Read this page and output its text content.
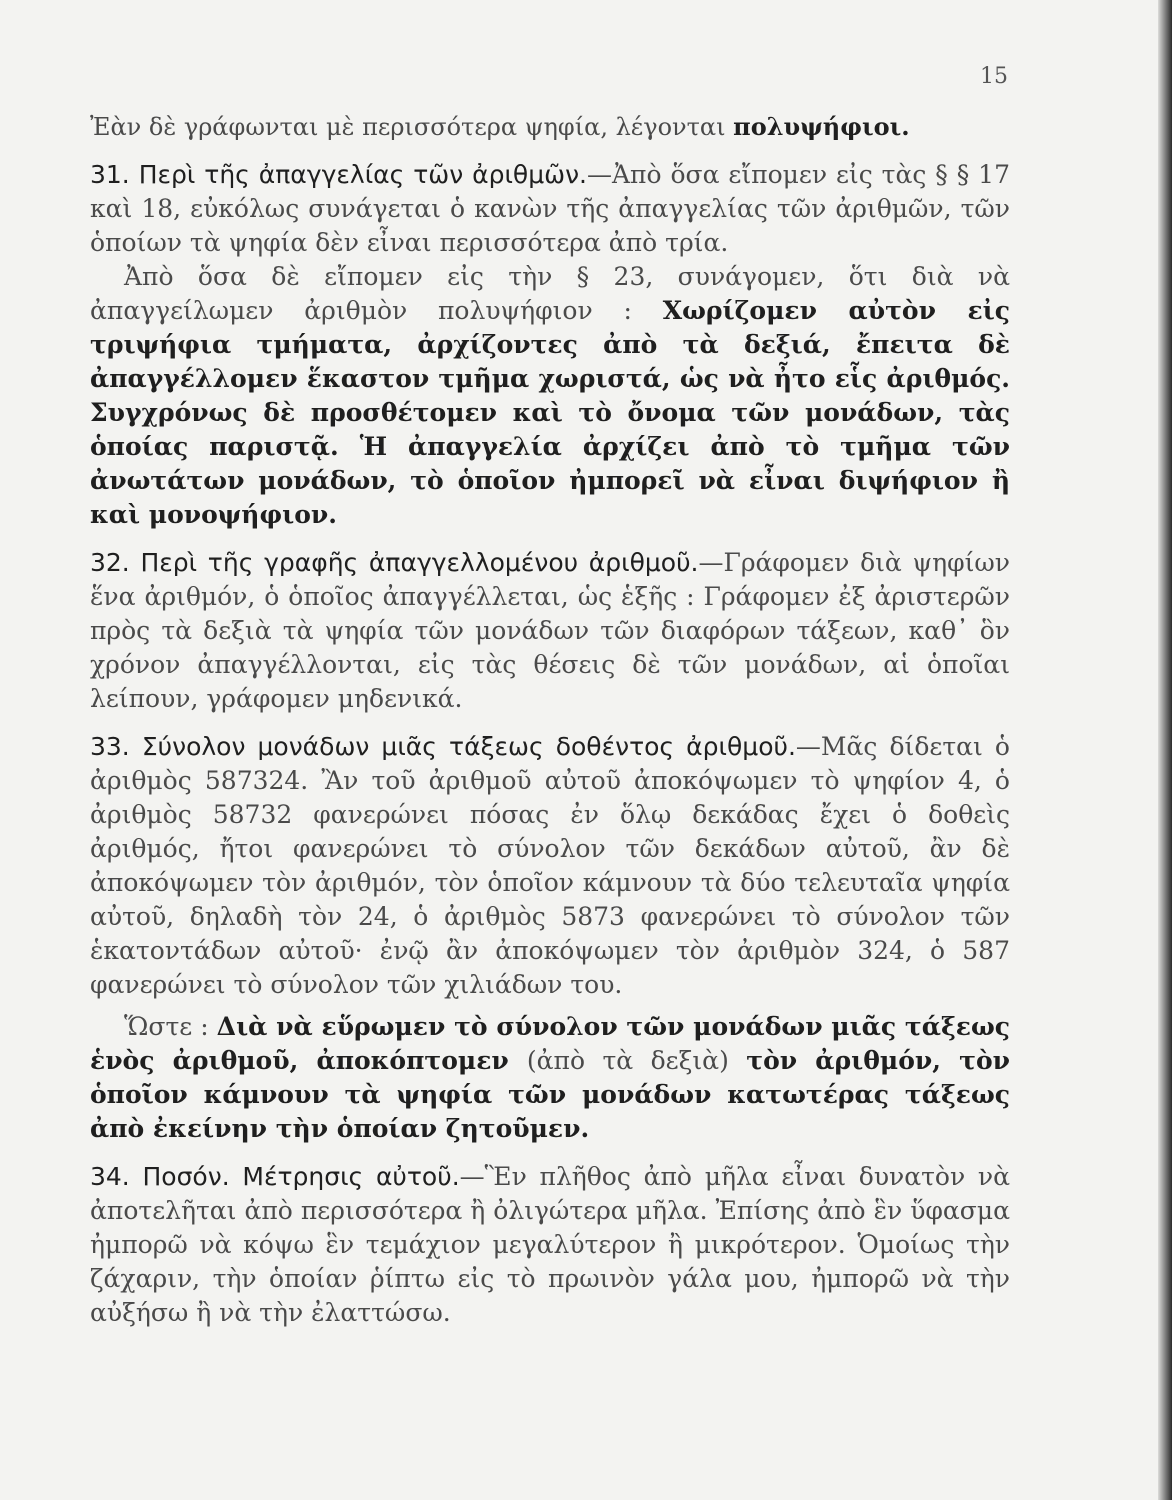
15

Ἐὰν δὲ γράφωνται μὲ περισσότερα ψηφία, λέγονται πολυψήφιοι.

31. Περὶ τῆς ἀπαγγελίας τῶν ἀριθμῶν.—Ἀπὸ ὅσα εἴπομεν εἰς τὰς § § 17 καὶ 18, εὐκόλως συνάγεται ὁ κανὼν τῆς ἀπαγγελίας τῶν ἀριθμῶν, τῶν ὁποίων τὰ ψηφία δὲν εἶναι περισσότερα ἀπὸ τρία.

Ἀπὸ ὅσα δὲ εἴπομεν εἰς τὴν § 23, συνάγομεν, ὅτι διὰ νὰ ἀπαγγείλωμεν ἀριθμὸν πολυψήφιον : Χωρίζομεν αὐτὸν εἰς τριψήφια τμήματα, ἀρχίζοντες ἀπὸ τὰ δεξιά, ἔπειτα δὲ ἀπαγγέλλομεν ἕκαστον τμῆμα χωριστά, ὡς νὰ ἦτο εἷς ἀριθμός. Συγχρόνως δὲ προσθέτομεν καὶ τὸ ὄνομα τῶν μονάδων, τὰς ὁποίας παριστᾷ. Ἡ ἀπαγγελία ἀρχίζει ἀπὸ τὸ τμῆμα τῶν ἀνωτάτων μονάδων, τὸ ὁποῖον ἠμπορεῖ νὰ εἶναι διψήφιον ἢ καὶ μονοψήφιον.

32. Περὶ τῆς γραφῆς ἀπαγγελλομένου ἀριθμοῦ.—Γράφομεν διὰ ψηφίων ἕνα ἀριθμόν, ὁ ὁποῖος ἀπαγγέλλεται, ὡς ἑξῆς : Γράφομεν ἐξ ἀριστερῶν πρὸς τὰ δεξιὰ τὰ ψηφία τῶν μονάδων τῶν διαφόρων τάξεων, καθ᾽ ὃν χρόνον ἀπαγγέλλονται, εἰς τὰς θέσεις δὲ τῶν μονάδων, αἱ ὁποῖαι λείπουν, γράφομεν μηδενικά.

33. Σύνολον μονάδων μιᾶς τάξεως δοθέντος ἀριθμοῦ.—Μᾶς δίδεται ὁ ἀριθμὸς 587324. Ἂν τοῦ ἀριθμοῦ αὐτοῦ ἀποκόψωμεν τὸ ψηφίον 4, ὁ ἀριθμὸς 58732 φανερώνει πόσας ἐν ὅλῳ δεκάδας ἔχει ὁ δοθεὶς ἀριθμός, ἤτοι φανερώνει τὸ σύνολον τῶν δεκάδων αὐτοῦ, ἂν δὲ ἀποκόψωμεν τὸν ἀριθμόν, τὸν ὁποῖον κάμνουν τὰ δύο τελευταῖα ψηφία αὐτοῦ, δηλαδὴ τὸν 24, ὁ ἀριθμὸς 5873 φανερώνει τὸ σύνολον τῶν ἑκατοντάδων αὐτοῦ· ἐνῷ ἂν ἀποκόψωμεν τὸν ἀριθμὸν 324, ὁ 587 φανερώνει τὸ σύνολον τῶν χιλιάδων του.

Ὥστε : Διὰ νὰ εὕρωμεν τὸ σύνολον τῶν μονάδων μιᾶς τάξεως ἑνὸς ἀριθμοῦ, ἀποκόπτομεν (ἀπὸ τὰ δεξιὰ) τὸν ἀριθμόν, τὸν ὁποῖον κάμνουν τὰ ψηφία τῶν μονάδων κατωτέρας τάξεως ἀπὸ ἐκείνην τὴν ὁποίαν ζητοῦμεν.

34. Ποσόν. Μέτρησις αὐτοῦ.—Ἓν πλῆθος ἀπὸ μῆλα εἶναι δυνατὸν νὰ ἀποτελῆται ἀπὸ περισσότερα ἢ ὀλιγώτερα μῆλα. Ἐπίσης ἀπὸ ἓν ὕφασμα ἠμπορῶ νὰ κόψω ἓν τεμάχιον μεγαλύτερον ἢ μικρότερον. Ὁμοίως τὴν ζάχαριν, τὴν ὁποίαν ῥίπτω εἰς τὸ πρωινὸν γάλα μου, ἠμπορῶ νὰ τὴν αὐξήσω ἢ νὰ τὴν ἐλαττώσω.
